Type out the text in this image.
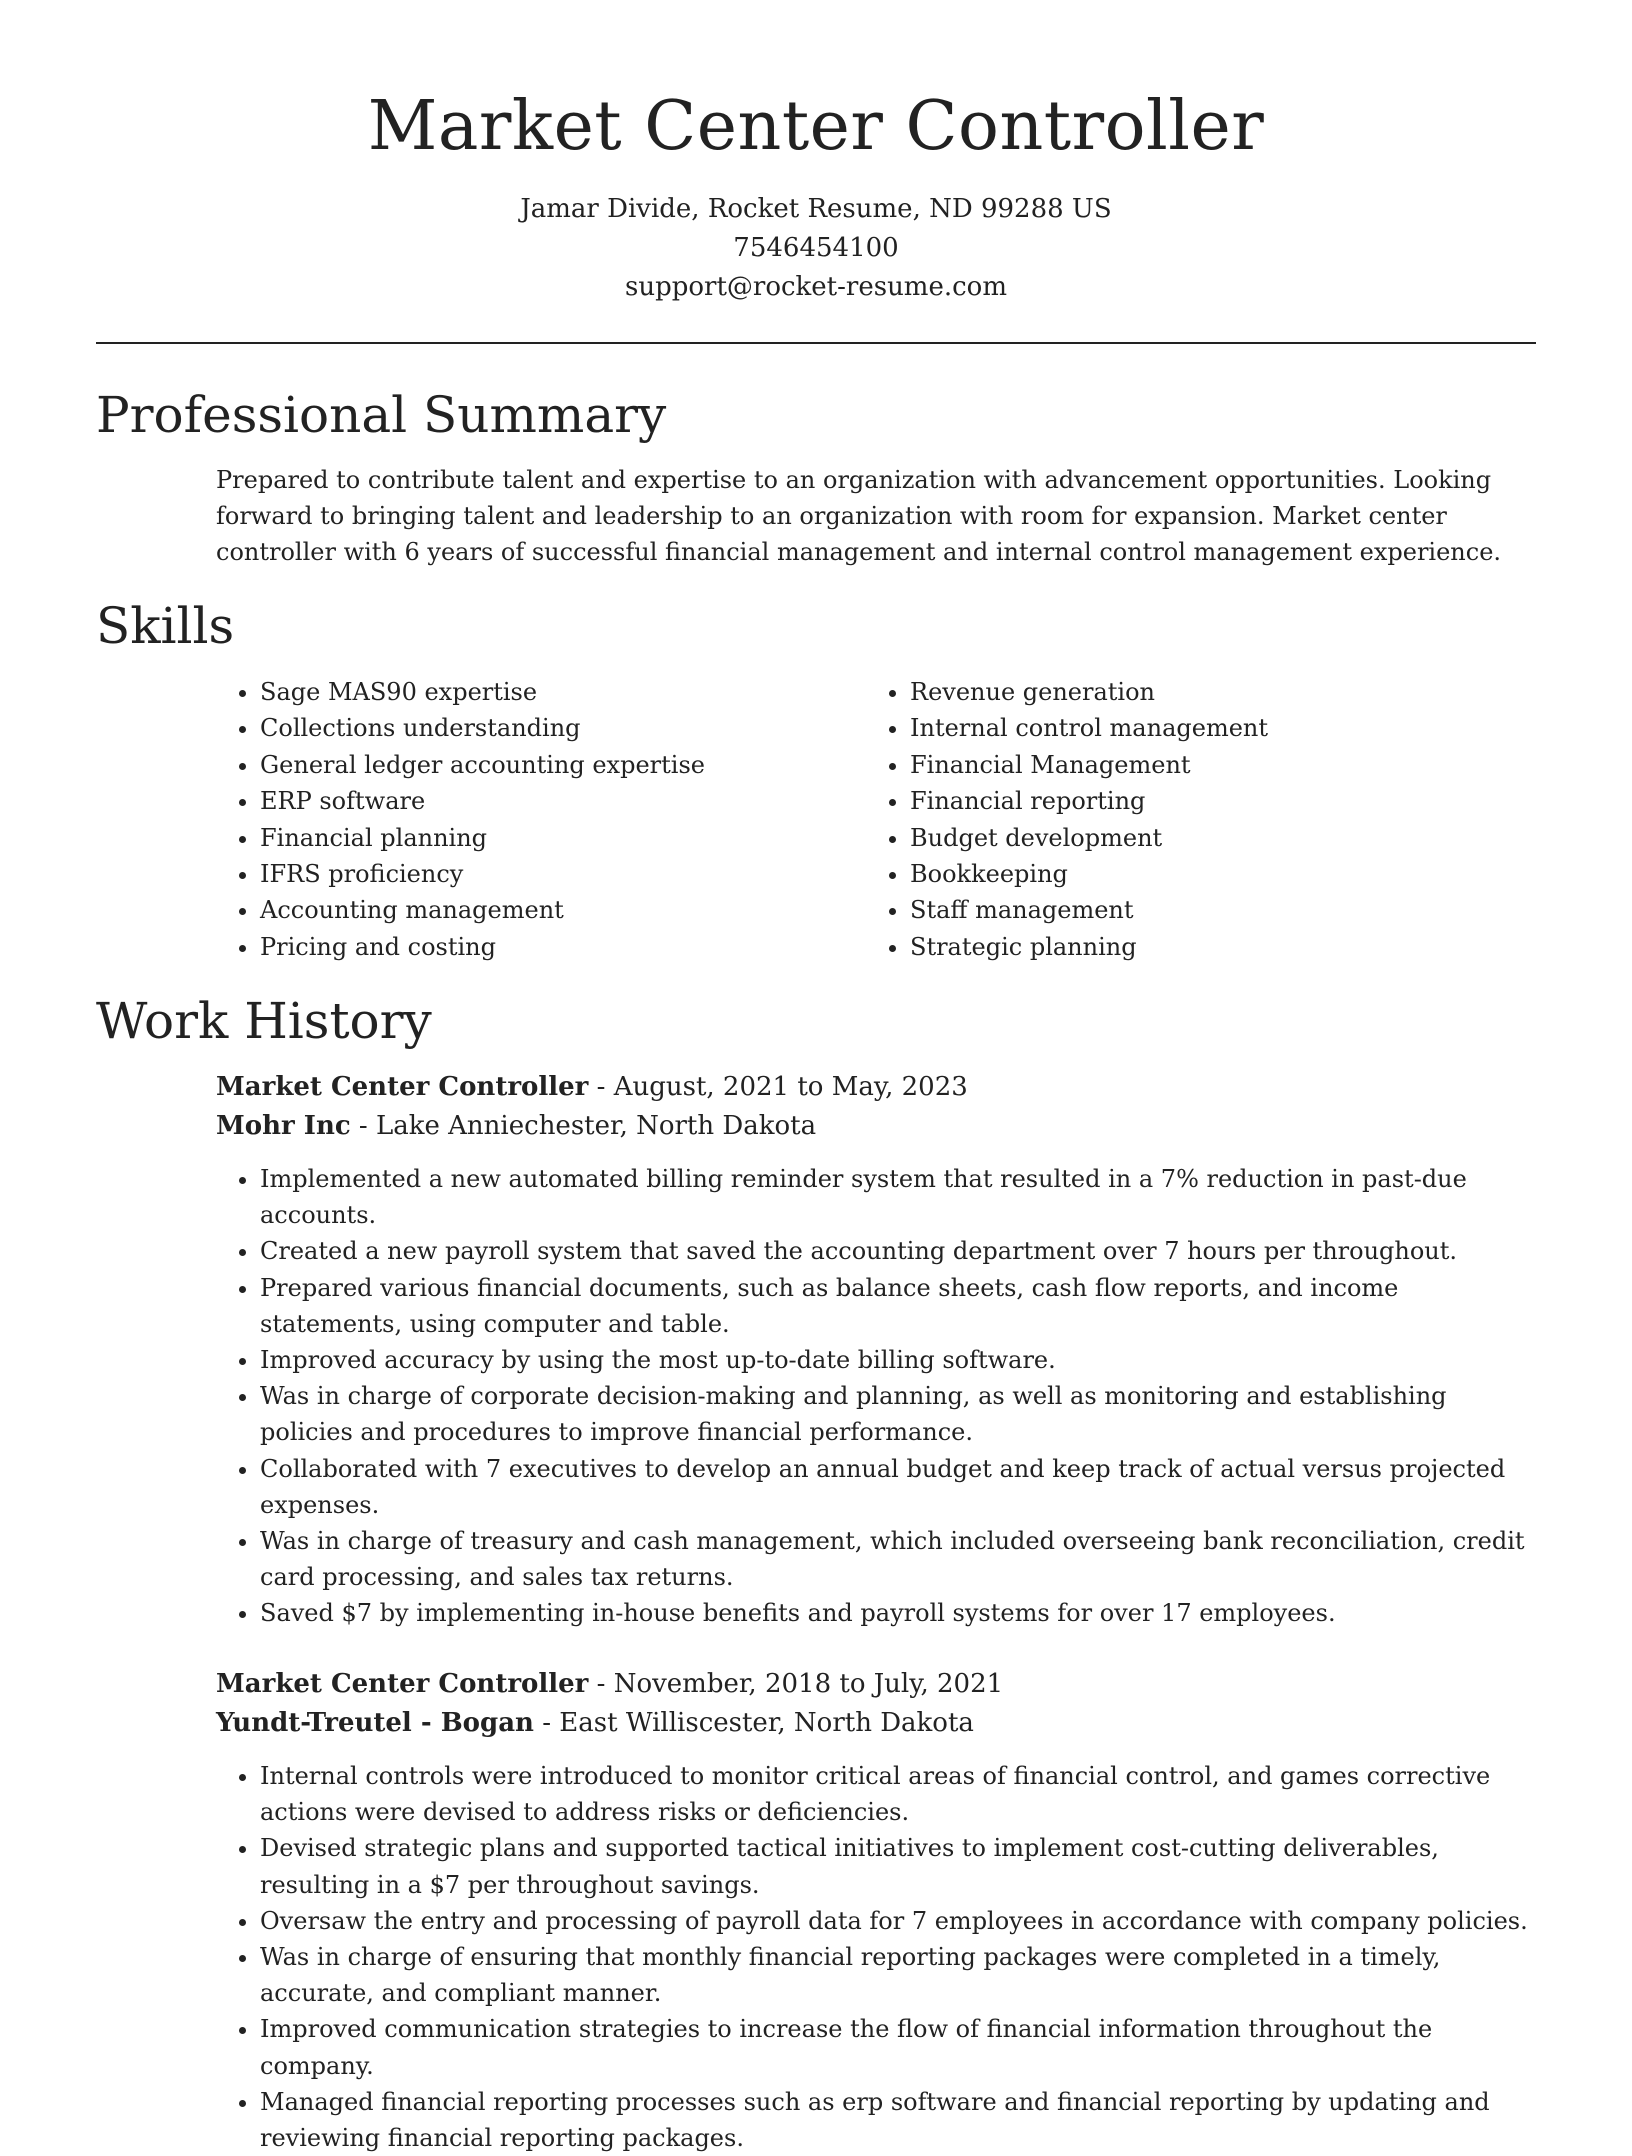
Market Center Controller
Jamar Divide, Rocket Resume, ND 99288 US
7546454100
support@rocket-resume.com
Professional Summary

Prepared to contribute talent and expertise to an organization with advancement opportunities. Looking forward to bringing talent and leadership to an organization with room for expansion. Market center controller with 6 years of successful financial management and internal control management experience.

Skills
• Sage MAS90 expertise
• Collections understanding
• General ledger accounting expertise
• ERP software
• Financial planning
• IFRS proficiency
• Accounting management
• Pricing and costing
• Revenue generation
• Internal control management
• Financial Management
• Financial reporting
• Budget development
• Bookkeeping
• Staff management
• Strategic planning
Work History
Market Center Controller - August, 2021 to May, 2023
Mohr Inc - Lake Anniechester, North Dakota
• Implemented a new automated billing reminder system that resulted in a 7% reduction in past-due accounts.
• Created a new payroll system that saved the accounting department over 7 hours per throughout.
• Prepared various financial documents, such as balance sheets, cash flow reports, and income statements, using computer and table.
• Improved accuracy by using the most up-to-date billing software.
• Was in charge of corporate decision-making and planning, as well as monitoring and establishing policies and procedures to improve financial performance.
• Collaborated with 7 executives to develop an annual budget and keep track of actual versus projected expenses.
• Was in charge of treasury and cash management, which included overseeing bank reconciliation, credit card processing, and sales tax returns.
• Saved $7 by implementing in-house benefits and payroll systems for over 17 employees.
Market Center Controller - November, 2018 to July, 2021
Yundt-Treutel - Bogan - East Williscester, North Dakota
• Internal controls were introduced to monitor critical areas of financial control, and games corrective actions were devised to address risks or deficiencies.
• Devised strategic plans and supported tactical initiatives to implement cost-cutting deliverables, resulting in a $7 per throughout savings.
• Oversaw the entry and processing of payroll data for 7 employees in accordance with company policies.
• Was in charge of ensuring that monthly financial reporting packages were completed in a timely, accurate, and compliant manner.
• Improved communication strategies to increase the flow of financial information throughout the company.
• Managed financial reporting processes such as erp software and financial reporting by updating and reviewing financial reporting packages.
